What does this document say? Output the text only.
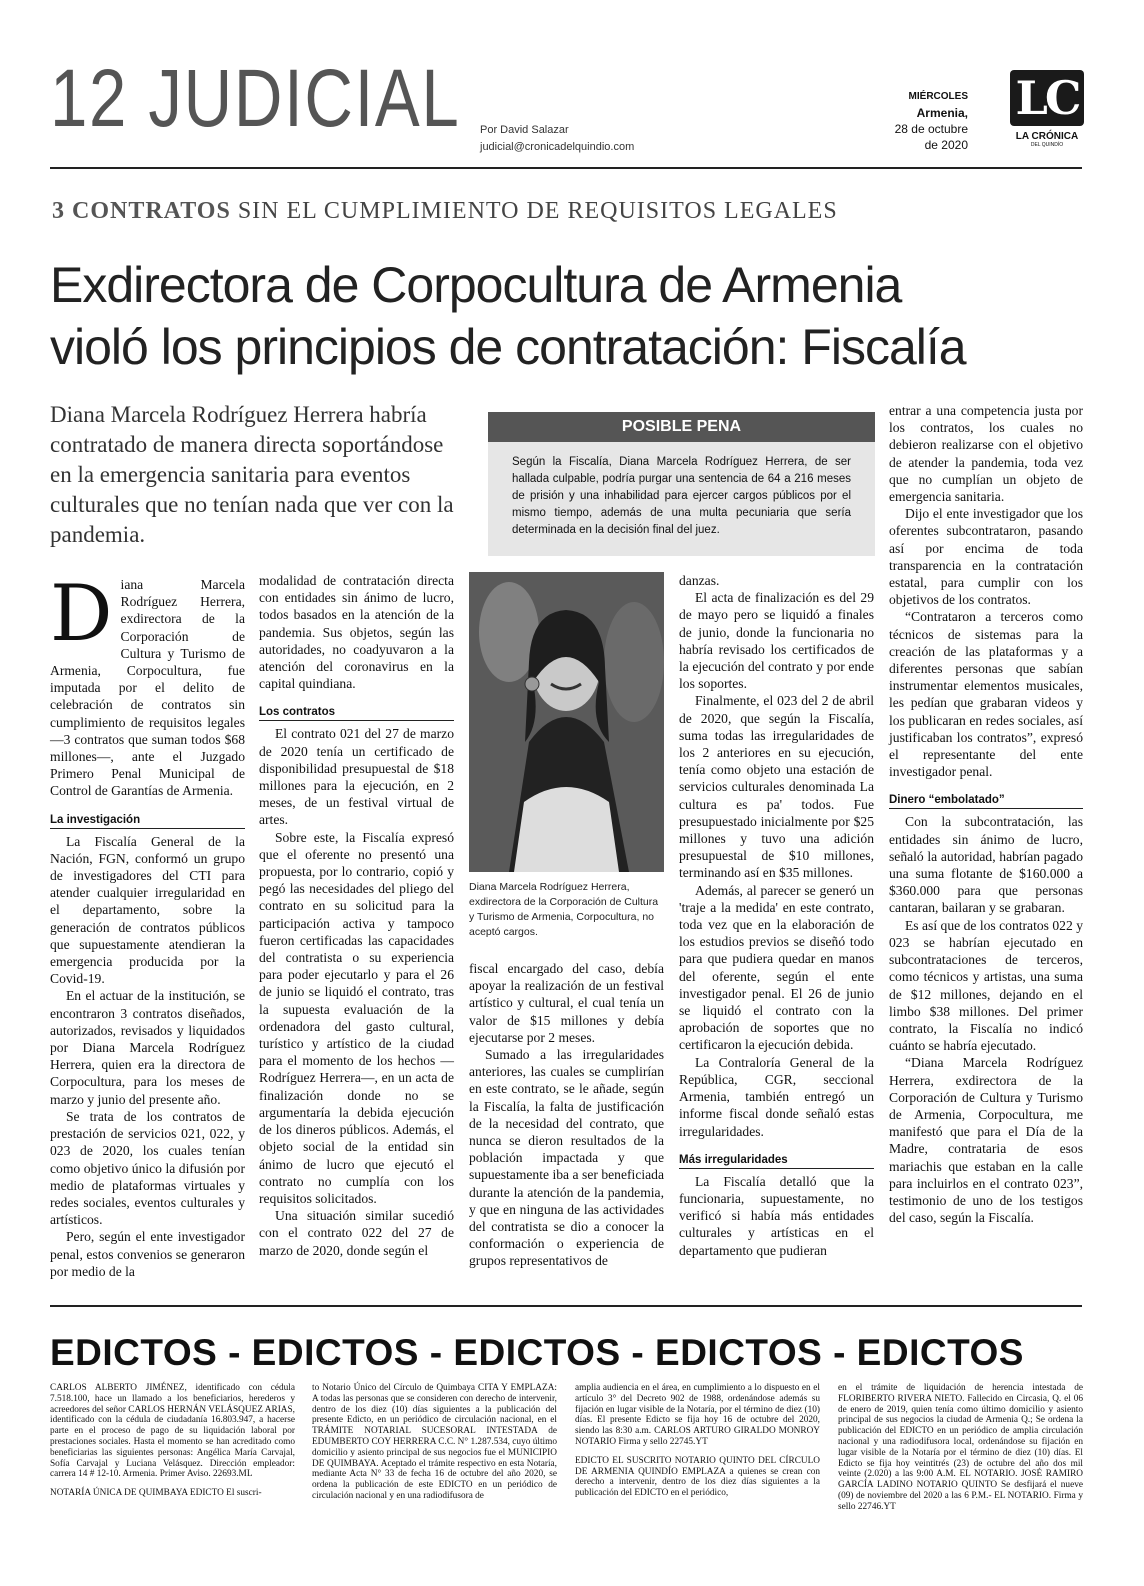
12 JUDICIAL Por David Salazar
judicial@cronicadelquindio.com
MIÉRCOLES
Armenia,
28 de octubre
de 2020
LC
LA CRÓNICA
DEL QUINDÍO
3 CONTRATOS SIN EL CUMPLIMIENTO DE REQUISITOS LEGALES
Exdirectora de Corpocultura de Armenia
violó los principios de contratación: Fiscalía
Diana Marcela Rodríguez Herrera habría contratado de manera directa soportándose en la emergencia sanitaria para eventos culturales que no tenían nada que ver con la pandemia.
POSIBLE PENA
Según la Fiscalía, Diana Marcela Rodríguez Herrera, de ser hallada culpable, podría purgar una sentencia de 64 a 216 meses de prisión y una inhabilidad para ejercer cargos públicos por el mismo tiempo, además de una multa pecuniaria que sería determinada en la decisión final del juez.

Diana Marcela Rodríguez Herrera, exdirectora de la Corporación de Cultura y Turismo de Armenia, Corpocultura, fue imputada por el delito de celebración de contratos sin cumplimiento de requisitos legales —3 contratos que suman todos $68 millones—, ante el Juzgado Primero Penal Municipal de Control de Garantías de Armenia.

La investigación

La Fiscalía General de la Nación, FGN, conformó un grupo de investigadores del CTI para atender cualquier irregularidad en el departamento, sobre la generación de contratos públicos que supuestamente atendieran la emergencia producida por la Covid-19.

En el actuar de la institución, se encontraron 3 contratos diseñados, autorizados, revisados y liquidados por Diana Marcela Rodríguez Herrera, quien era la directora de Corpocultura, para los meses de marzo y junio del presente año.

Se trata de los contratos de prestación de servicios 021, 022, y 023 de 2020, los cuales tenían como objetivo único la difusión por medio de plataformas virtuales y redes sociales, eventos culturales y artísticos.

Pero, según el ente investigador penal, estos convenios se generaron por medio de la

modalidad de contratación directa con entidades sin ánimo de lucro, todos basados en la atención de la pandemia. Sus objetos, según las autoridades, no coadyuvaron a la atención del coronavirus en la capital quindiana.

Los contratos

El contrato 021 del 27 de marzo de 2020 tenía un certificado de disponibilidad presupuestal de $18 millones para la ejecución, en 2 meses, de un festival virtual de artes.

Sobre este, la Fiscalía expresó que el oferente no presentó una propuesta, por lo contrario, copió y pegó las necesidades del pliego del contrato en su solicitud para la participación activa y tampoco fueron certificadas las capacidades del contratista o su experiencia para poder ejecutarlo y para el 26 de junio se liquidó el contrato, tras la supuesta evaluación de la ordenadora del gasto cultural, turístico y artístico de la ciudad para el momento de los hechos —Rodríguez Herrera—, en un acta de finalización donde no se argumentaría la debida ejecución de los dineros públicos. Además, el objeto social de la entidad sin ánimo de lucro que ejecutó el contrato no cumplía con los requisitos solicitados.

Una situación similar sucedió con el contrato 022 del 27 de marzo de 2020, donde según el

Diana Marcela Rodríguez Herrera, exdirectora de la Corporación de Cultura y Turismo de Armenia, Corpocultura, no aceptó cargos.

fiscal encargado del caso, debía apoyar la realización de un festival artístico y cultural, el cual tenía un valor de $15 millones y debía ejecutarse por 2 meses.

Sumado a las irregularidades anteriores, las cuales se cumplirían en este contrato, se le añade, según la Fiscalía, la falta de justificación de la necesidad del contrato, que nunca se dieron resultados de la población impactada y que supuestamente iba a ser beneficiada durante la atención de la pandemia, y que en ninguna de las actividades del contratista se dio a conocer la conformación o experiencia de grupos representativos de

danzas.

El acta de finalización es del 29 de mayo pero se liquidó a finales de junio, donde la funcionaria no habría revisado los certificados de la ejecución del contrato y por ende los soportes.

Finalmente, el 023 del 2 de abril de 2020, que según la Fiscalía, suma todas las irregularidades de los 2 anteriores en su ejecución, tenía como objeto una estación de servicios culturales denominada La cultura es pa' todos. Fue presupuestado inicialmente por $25 millones y tuvo una adición presupuestal de $10 millones, terminando así en $35 millones.

Además, al parecer se generó un 'traje a la medida' en este contrato, toda vez que en la elaboración de los estudios previos se diseñó todo para que pudiera quedar en manos del oferente, según el ente investigador penal. El 26 de junio se liquidó el contrato con la aprobación de soportes que no certificaron la ejecución debida.

La Contraloría General de la República, CGR, seccional Armenia, también entregó un informe fiscal donde señaló estas irregularidades.

Más irregularidades

La Fiscalía detalló que la funcionaria, supuestamente, no verificó si había más entidades culturales y artísticas en el departamento que pudieran

entrar a una competencia justa por los contratos, los cuales no debieron realizarse con el objetivo de atender la pandemia, toda vez que no cumplían un objeto de emergencia sanitaria.

Dijo el ente investigador que los oferentes subcontrataron, pasando así por encima de toda transparencia en la contratación estatal, para cumplir con los objetivos de los contratos.

“Contrataron a terceros como técnicos de sistemas para la creación de las plataformas y a diferentes personas que sabían instrumentar elementos musicales, les pedían que grabaran videos y los publicaran en redes sociales, así justificaban los contratos”, expresó el representante del ente investigador penal.

Dinero “embolatado”

Con la subcontratación, las entidades sin ánimo de lucro, señaló la autoridad, habrían pagado una suma flotante de $160.000 a $360.000 para que personas cantaran, bailaran y se grabaran.

Es así que de los contratos 022 y 023 se habrían ejecutado en subcontrataciones de terceros, como técnicos y artistas, una suma de $12 millones, dejando en el limbo $38 millones. Del primer contrato, la Fiscalía no indicó cuánto se habría ejecutado.

“Diana Marcela Rodríguez Herrera, exdirectora de la Corporación de Cultura y Turismo de Armenia, Corpocultura, me manifestó que para el Día de la Madre, contrataria de esos mariachis que estaban en la calle para incluirlos en el contrato 023”, testimonio de uno de los testigos del caso, según la Fiscalía.

EDICTOS - EDICTOS - EDICTOS - EDICTOS - EDICTOS

CARLOS ALBERTO JIMÉNEZ, identificado con cédula 7.518.100, hace un llamado a los beneficiarios, herederos y acreedores del señor CARLOS HERNÁN VELÁSQUEZ ARIAS, identificado con la cédula de ciudadanía 16.803.947, a hacerse parte en el proceso de pago de su liquidación laboral por prestaciones sociales. Hasta el momento se han acreditado como beneficiarias las siguientes personas: Angélica María Carvajal, Sofía Carvajal y Luciana Velásquez. Dirección empleador: carrera 14 # 12-10. Armenia. Primer Aviso. 22693.ML

NOTARÍA ÚNICA DE QUIMBAYA EDICTO El suscri-

to Notario Único del Círculo de Quimbaya CITA Y EMPLAZA: A todas las personas que se consideren con derecho de intervenir, dentro de los diez (10) días siguientes a la publicación del presente Edicto, en un periódico de circulación nacional, en el TRÁMITE NOTARIAL SUCESORAL INTESTADA de EDUMBERTO COY HERRERA C.C. N° 1.287.534, cuyo último domicilio y asiento principal de sus negocios fue el MUNICIPIO DE QUIMBAYA. Aceptado el trámite respectivo en esta Notaría, mediante Acta N° 33 de fecha 16 de octubre del año 2020, se ordena la publicación de este EDICTO en un periódico de circulación nacional y en una radiodifusora de

amplia audiencia en el área, en cumplimiento a lo dispuesto en el artículo 3° del Decreto 902 de 1988, ordenándose además su fijación en lugar visible de la Notaría, por el término de diez (10) días. El presente Edicto se fija hoy 16 de octubre del 2020, siendo las 8:30 a.m. CARLOS ARTURO GIRALDO MONROY NOTARIO Firma y sello 22745.YT

EDICTO EL SUSCRITO NOTARIO QUINTO DEL CÍRCULO DE ARMENIA QUINDÍO EMPLAZA a quienes se crean con derecho a intervenir, dentro de los diez días siguientes a la publicación del EDICTO en el periódico,

en el trámite de liquidación de herencia intestada de FLORIBERTO RIVERA NIETO. Fallecido en Circasia, Q. el 06 de enero de 2019, quien tenía como último domicilio y asiento principal de sus negocios la ciudad de Armenia Q.; Se ordena la publicación del EDICTO en un periódico de amplia circulación nacional y una radiodifusora local, ordenándose su fijación en lugar visible de la Notaría por el término de diez (10) días. El Edicto se fija hoy veintitrés (23) de octubre del año dos mil veinte (2.020) a las 9:00 A.M. EL NOTARIO. JOSÉ RAMIRO GARCÍA LADINO NOTARIO QUINTO Se desfijará el nueve (09) de noviembre del 2020 a las 6 P.M.- EL NOTARIO. Firma y sello 22746.YT
